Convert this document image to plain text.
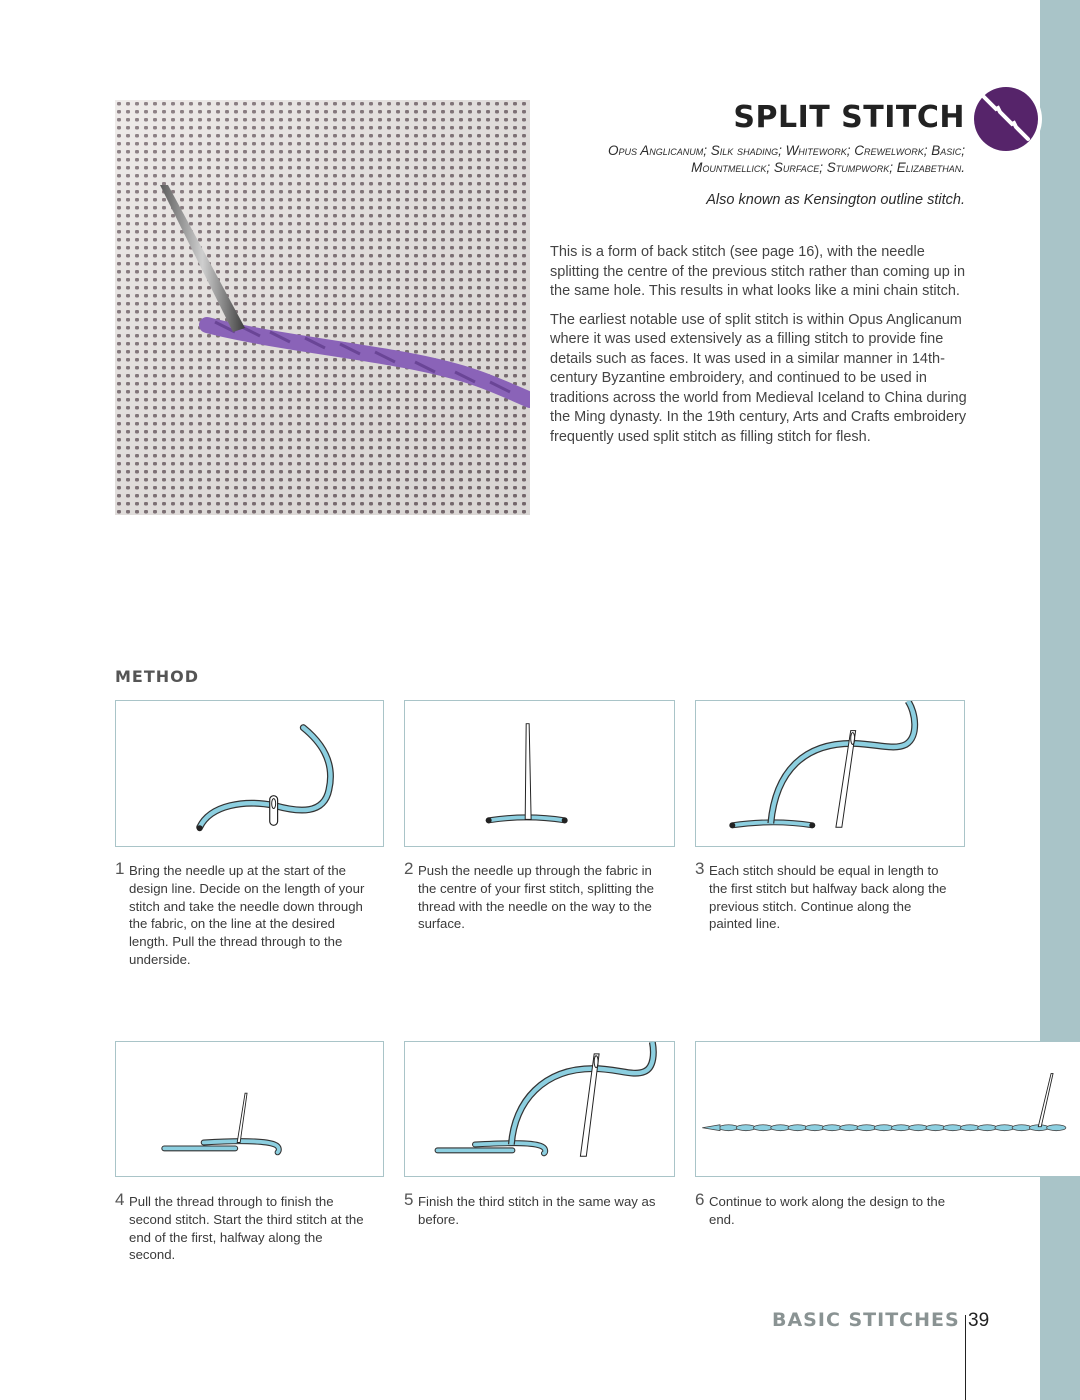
SPLIT STITCH
Opus Anglicanum; Silk shading; Whitework; Crewelwork; Basic; Mountmellick; Surface; Stumpwork; Elizabethan.
Also known as Kensington outline stitch.

This is a form of back stitch (see page 16), with the needle splitting the centre of the previous stitch rather than coming up in the same hole. This results in what looks like a mini chain stitch.

The earliest notable use of split stitch is within Opus Anglicanum where it was used extensively as a filling stitch to provide fine details such as faces. It was used in a similar manner in 14th-century Byzantine embroidery, and continued to be used in traditions across the world from Medieval Iceland to China during the Ming dynasty. In the 19th century, Arts and Crafts embroidery frequently used split stitch as filling stitch for flesh.

METHOD
1 Bring the needle up at the start of the design line. Decide on the length of your stitch and take the needle down through the fabric, on the line at the desired length. Pull the thread through to the underside.
2 Push the needle up through the fabric in the centre of your first stitch, splitting the thread with the needle on the way to the surface.
3 Each stitch should be equal in length to the first stitch but halfway back along the previous stitch. Continue along the painted line.
4 Pull the thread through to finish the second stitch. Start the third stitch at the end of the first, halfway along the second.
5 Finish the third stitch in the same way as before.
6 Continue to work along the design to the end.
BASIC STITCHES 39
